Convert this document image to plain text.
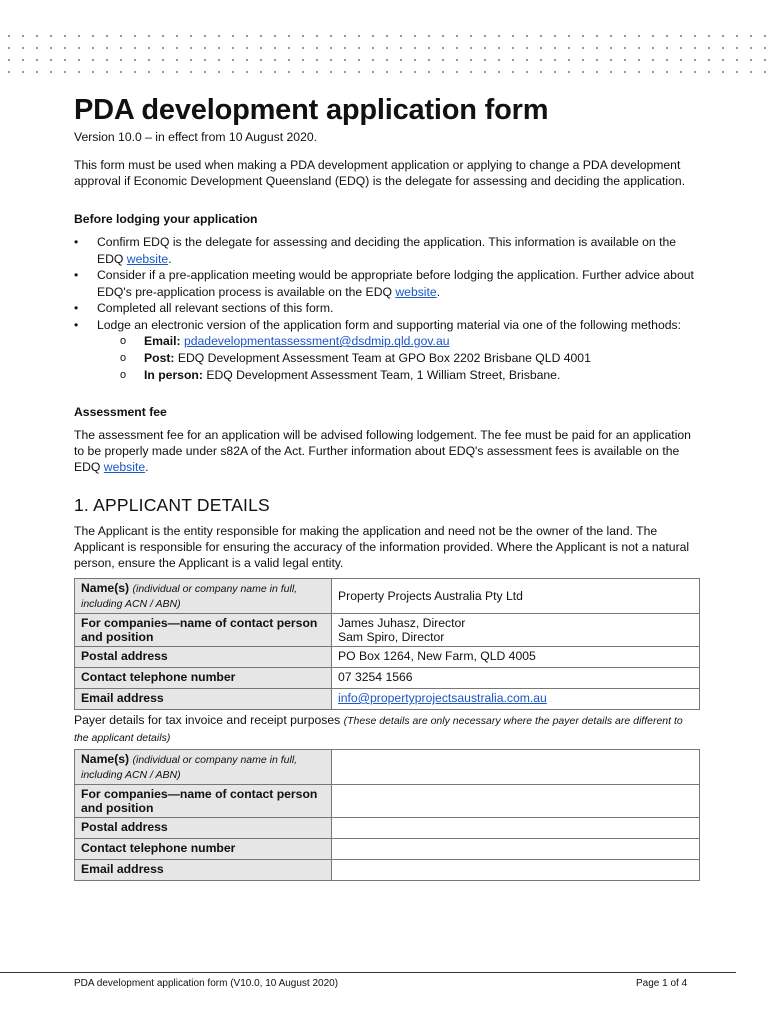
PDA development application form

Version 10.0 – in effect from 10 August 2020.

This form must be used when making a PDA development application or applying to change a PDA development approval if Economic Development Queensland (EDQ) is the delegate for assessing and deciding the application.

Before lodging your application

• Confirm EDQ is the delegate for assessing and deciding the application. This information is available on the EDQ website.
• Consider if a pre-application meeting would be appropriate before lodging the application. Further advice about EDQ's pre-application process is available on the EDQ website.
• Completed all relevant sections of this form.
• Lodge an electronic version of the application form and supporting material via one of the following methods:
o Email: pdadevelopmentassessment@dsdmip.qld.gov.au
o Post: EDQ Development Assessment Team at GPO Box 2202 Brisbane QLD 4001
o In person: EDQ Development Assessment Team, 1 William Street, Brisbane.

Assessment fee

The assessment fee for an application will be advised following lodgement. The fee must be paid for an application to be properly made under s82A of the Act. Further information about EDQ's assessment fees is available on the EDQ website.

1. APPLICANT DETAILS

The Applicant is the entity responsible for making the application and need not be the owner of the land. The Applicant is responsible for ensuring the accuracy of the information provided. Where the Applicant is not a natural person, ensure the Applicant is a valid legal entity.

Name(s) (individual or company name in full, including ACN / ABN)	Property Projects Australia Pty Ltd
For companies—name of contact person and position	James Juhasz, Director
Sam Spiro, Director

Postal address	PO Box 1264, New Farm, QLD 4005
Contact telephone number	07 3254 1566
Email address	info@propertyprojectsaustralia.com.au

Payer details for tax invoice and receipt purposes (These details are only necessary where the payer details are different to the applicant details)

Name(s) (individual or company name in full, including ACN / ABN)	
For companies—name of contact person and position	
Postal address	
Contact telephone number	
Email address	
PDA development application form (V10.0, 10 August 2020)	Page 1 of 4
